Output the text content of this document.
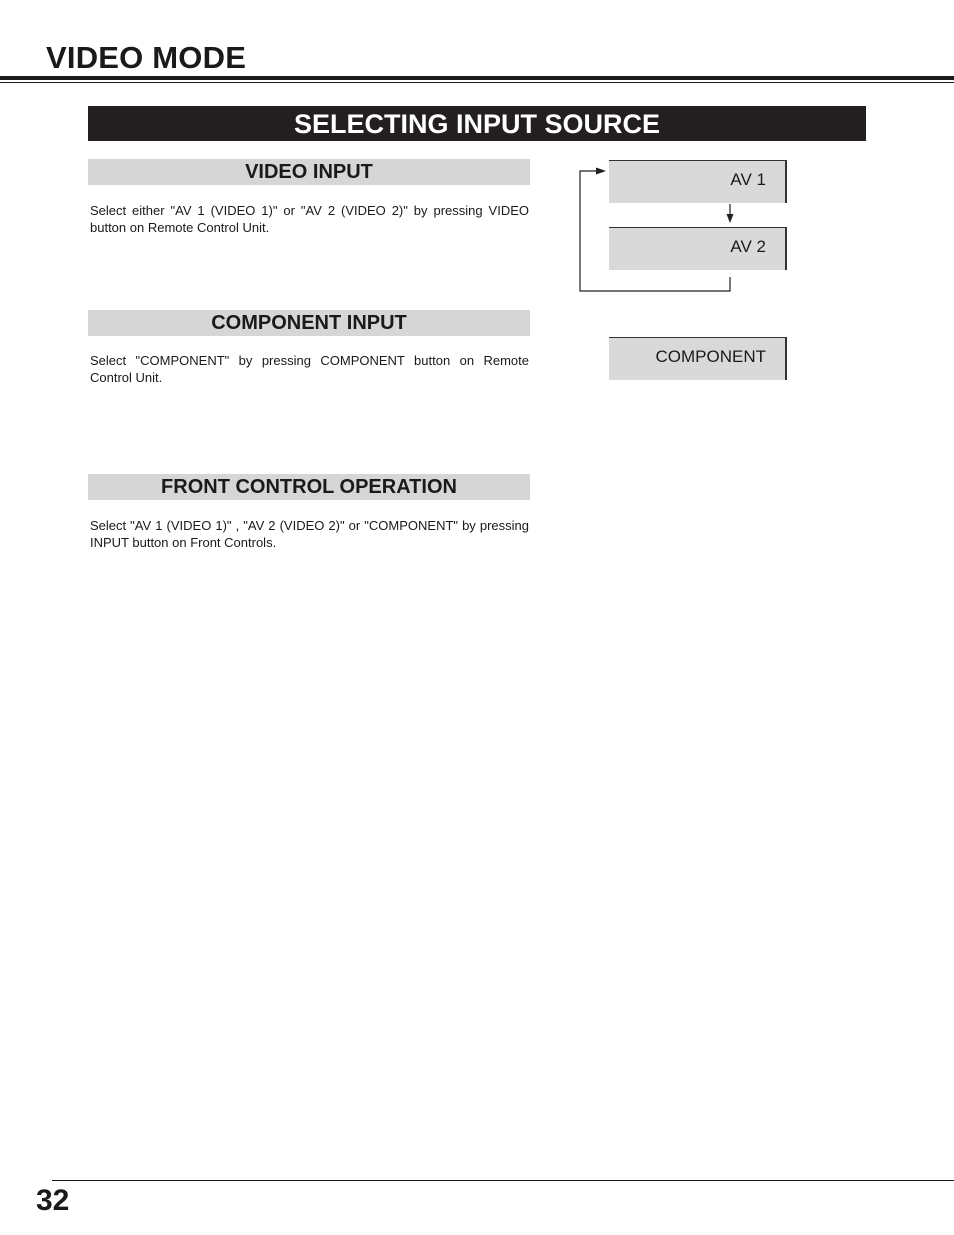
VIDEO MODE
SELECTING INPUT SOURCE
VIDEO INPUT
Select either "AV 1 (VIDEO 1)" or "AV 2 (VIDEO 2)" by pressing VIDEO button on Remote Control Unit.
COMPONENT INPUT
Select "COMPONENT" by pressing COMPONENT button on Remote Control Unit.
FRONT CONTROL OPERATION
Select "AV 1 (VIDEO 1)" , "AV 2 (VIDEO 2)" or "COMPONENT" by pressing INPUT button on Front Controls.
AV 1
AV 2
COMPONENT
32
